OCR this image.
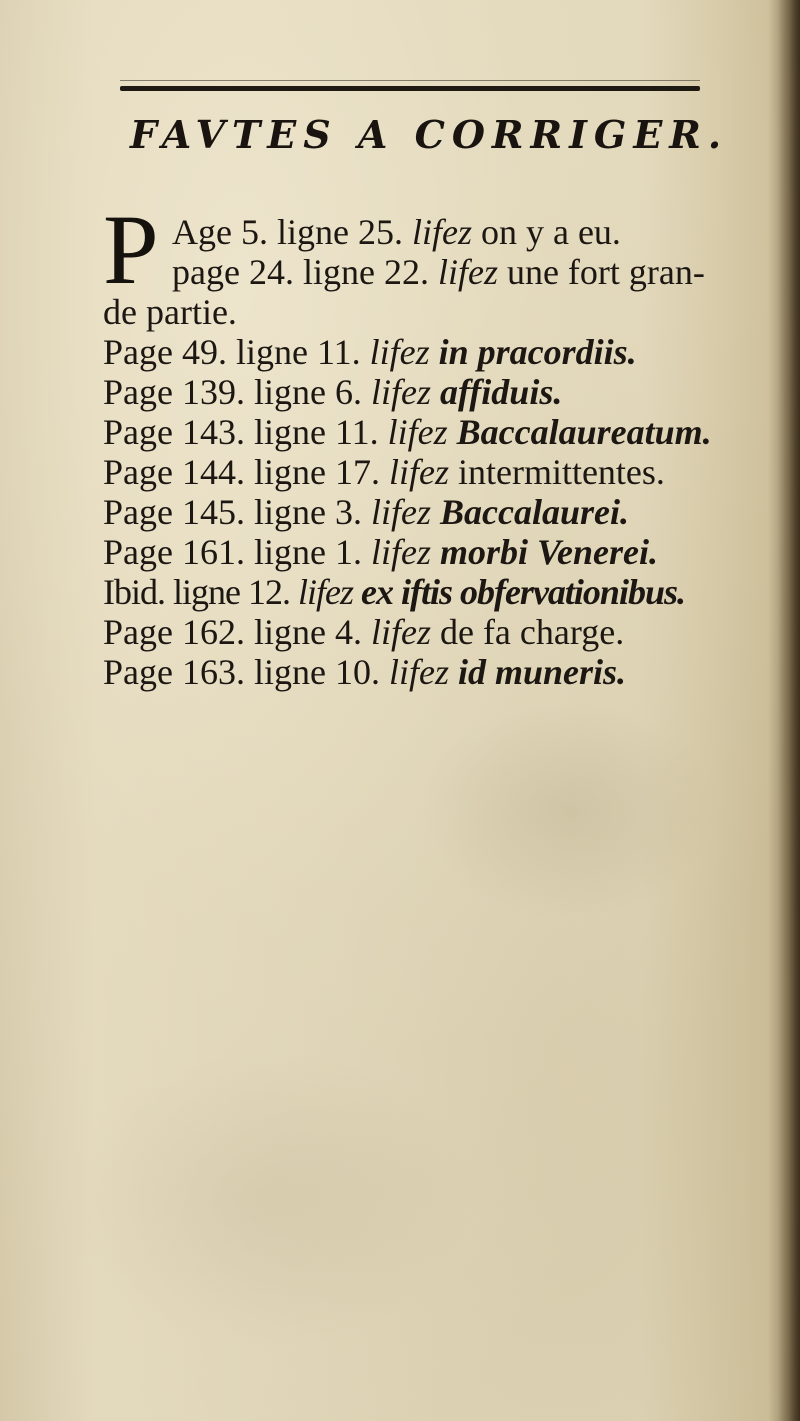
FAVTES A CORRIGER.
P Age 5. ligne 25. lifez on y a eu.
page 24. ligne 22. lifez une fort gran-
de partie.
Page 49. ligne 11. lifez in pracordiis.
Page 139. ligne 6. lifez affiduis.
Page 143. ligne 11. lifez Baccalaureatum.
Page 144. ligne 17. lifez intermittentes.
Page 145. ligne 3. lifez Baccalaurei.
Page 161. ligne 1. lifez morbi Venerei.
Ibid. ligne 12. lifez ex iftis obfervationibus.
Page 162. ligne 4. lifez de fa charge.
Page 163. ligne 10. lifez id muneris.
